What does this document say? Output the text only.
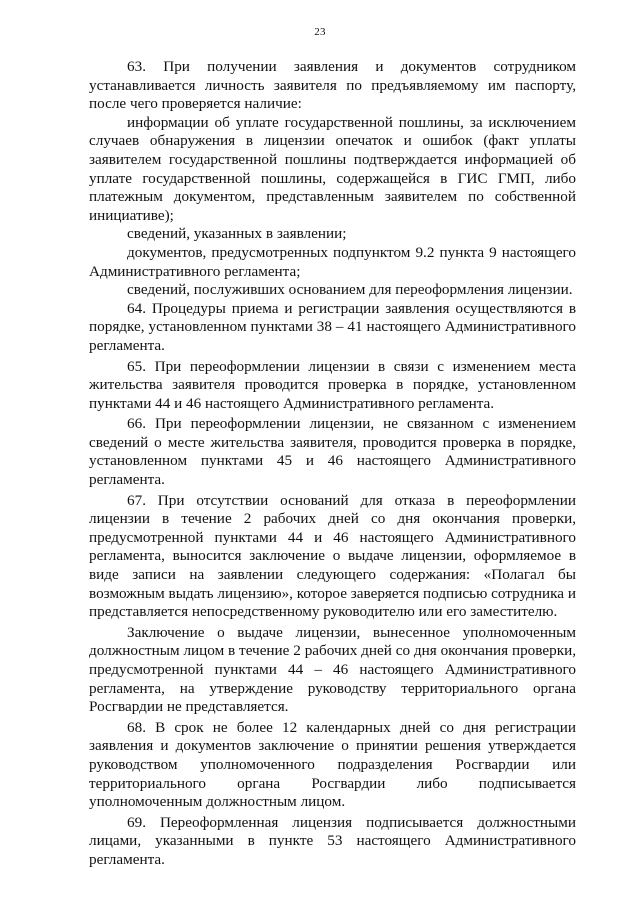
23

63. При получении заявления и документов сотрудником устанавливается личность заявителя по предъявляемому им паспорту, после чего проверяется наличие:

информации об уплате государственной пошлины, за исключением случаев обнаружения в лицензии опечаток и ошибок (факт уплаты заявителем государственной пошлины подтверждается информацией об уплате государственной пошлины, содержащейся в ГИС ГМП, либо платежным документом, представленным заявителем по собственной инициативе);

сведений, указанных в заявлении;

документов, предусмотренных подпунктом 9.2 пункта 9 настоящего Административного регламента;

сведений, послуживших основанием для переоформления лицензии.

64. Процедуры приема и регистрации заявления осуществляются в порядке, установленном пунктами 38 – 41 настоящего Административного регламента.

65. При переоформлении лицензии в связи с изменением места жительства заявителя проводится проверка в порядке, установленном пунктами 44 и 46 настоящего Административного регламента.

66. При переоформлении лицензии, не связанном с изменением сведений о месте жительства заявителя, проводится проверка в порядке, установленном пунктами 45 и 46 настоящего Административного регламента.

67. При отсутствии оснований для отказа в переоформлении лицензии в течение 2 рабочих дней со дня окончания проверки, предусмотренной пунктами 44 и 46 настоящего Административного регламента, выносится заключение о выдаче лицензии, оформляемое в виде записи на заявлении следующего содержания: «Полагал бы возможным выдать лицензию», которое заверяется подписью сотрудника и представляется непосредственному руководителю или его заместителю.

Заключение о выдаче лицензии, вынесенное уполномоченным должностным лицом в течение 2 рабочих дней со дня окончания проверки, предусмотренной пунктами 44 – 46 настоящего Административного регламента, на утверждение руководству территориального органа Росгвардии не представляется.

68. В срок не более 12 календарных дней со дня регистрации заявления и документов заключение о принятии решения утверждается руководством уполномоченного подразделения Росгвардии или территориального органа Росгвардии либо подписывается уполномоченным должностным лицом.

69. Переоформленная лицензия подписывается должностными лицами, указанными в пункте 53 настоящего Административного регламента.
